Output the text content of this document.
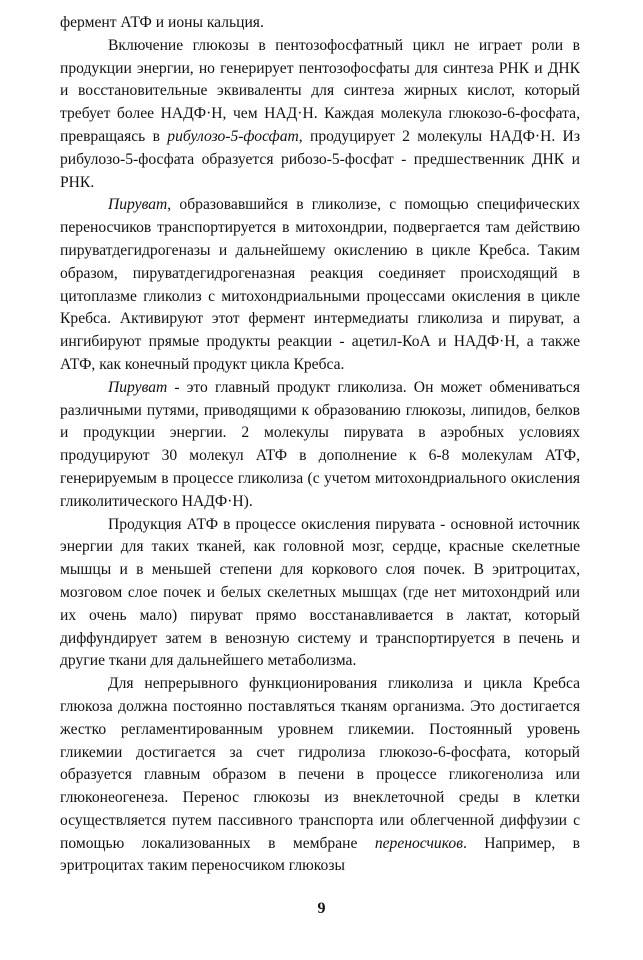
фермент АТФ и ионы кальция.

Включение глюкозы в пентозофосфатный цикл не играет роли в продукции энергии, но генерирует пентозофосфаты для синтеза РНК и ДНК и восстановительные эквиваленты для синтеза жирных кислот, который требует более НАДФ·Н, чем НАД·Н. Каждая молекула глюкозо-6-фосфата, превращаясь в рибулозо-5-фосфат, продуцирует 2 молекулы НАДФ·Н. Из рибулозо-5-фосфата образуется рибозо-5-фосфат - предшественник ДНК и РНК.

Пируват, образовавшийся в гликолизе, с помощью специфических переносчиков транспортируется в митохондрии, подвергается там действию пируватдегидрогеназы и дальнейшему окислению в цикле Кребса. Таким образом, пируватдегидрогеназная реакция соединяет происходящий в цитоплазме гликолиз с митохондриальными процессами окисления в цикле Кребса. Активируют этот фермент интермедиаты гликолиза и пируват, а ингибируют прямые продукты реакции - ацетил-КоА и НАДФ·Н, а также АТФ, как конечный продукт цикла Кребса.

Пируват - это главный продукт гликолиза. Он может обмениваться различными путями, приводящими к образованию глюкозы, липидов, белков и продукции энергии. 2 молекулы пирувата в аэробных условиях продуцируют 30 молекул АТФ в дополнение к 6-8 молекулам АТФ, генерируемым в процессе гликолиза (с учетом митохондриального окисления гликолитического НАДФ·Н).

Продукция АТФ в процессе окисления пирувата - основной источник энергии для таких тканей, как головной мозг, сердце, красные скелетные мышцы и в меньшей степени для коркового слоя почек. В эритроцитах, мозговом слое почек и белых скелетных мышцах (где нет митохондрий или их очень мало) пируват прямо восстанавливается в лактат, который диффундирует затем в венозную систему и транспортируется в печень и другие ткани для дальнейшего метаболизма.

Для непрерывного функционирования гликолиза и цикла Кребса глюкоза должна постоянно поставляться тканям организма. Это достигается жестко регламентированным уровнем гликемии. Постоянный уровень гликемии достигается за счет гидролиза глюкозо-6-фосфата, который образуется главным образом в печени в процессе гликогенолиза или глюконеогенеза. Перенос глюкозы из внеклеточной среды в клетки осуществляется путем пассивного транспорта или облегченной диффузии с помощью локализованных в мембране переносчиков. Например, в эритроцитах таким переносчиком глюкозы

9
